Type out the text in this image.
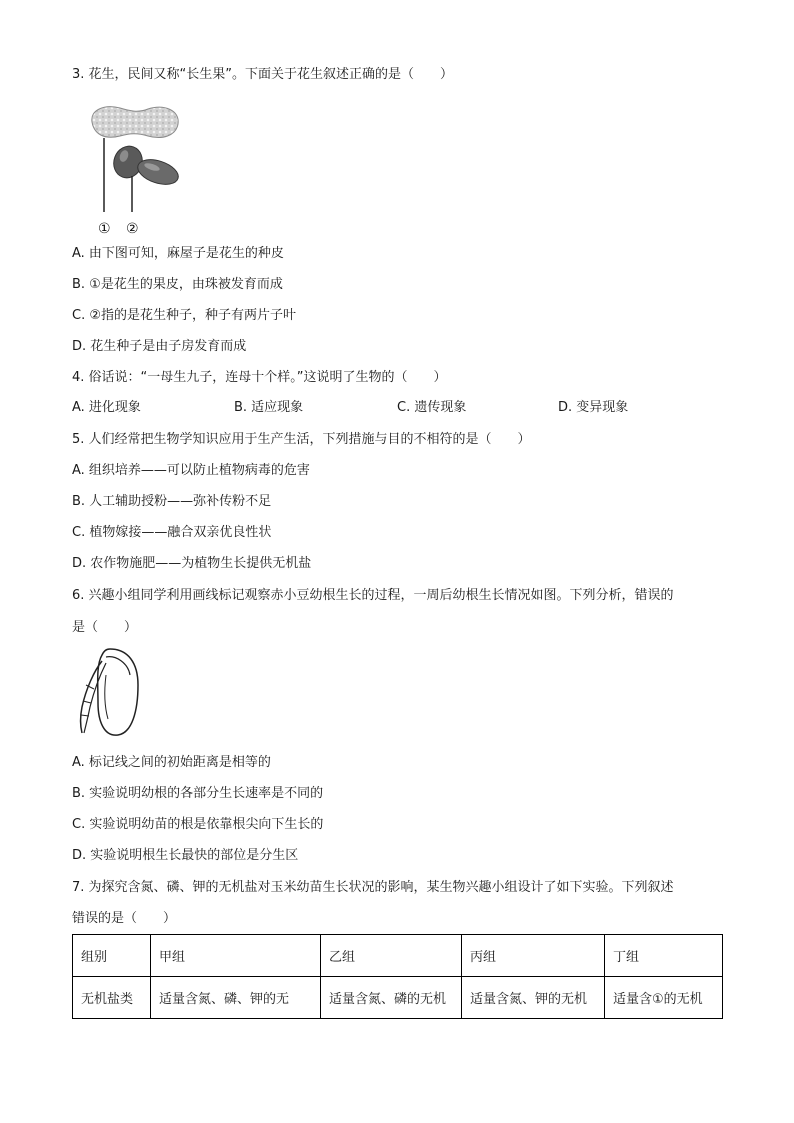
3. 花生，民间又称“长生果”。下面关于花生叙述正确的是（　　）
① ②
A. 由下图可知，麻屋子是花生的种皮
B. ①是花生的果皮，由珠被发育而成
C. ②指的是花生种子，种子有两片子叶
D. 花生种子是由子房发育而成
4. 俗话说：“一母生九子，连母十个样。”这说明了生物的（　　）
A. 进化现象	B. 适应现象	C. 遗传现象	D. 变异现象
5. 人们经常把生物学知识应用于生产生活，下列措施与目的不相符的是（　　）
A. 组织培养——可以防止植物病毒的危害
B. 人工辅助授粉——弥补传粉不足
C. 植物嫁接——融合双亲优良性状
D. 农作物施肥——为植物生长提供无机盐
6. 兴趣小组同学利用画线标记观察赤小豆幼根生长的过程，一周后幼根生长情况如图。下列分析，错误的
是（　　）
A. 标记线之间的初始距离是相等的
B. 实验说明幼根的各部分生长速率是不同的
C. 实验说明幼苗的根是依靠根尖向下生长的
D. 实验说明根生长最快的部位是分生区
7. 为探究含氮、磷、钾的无机盐对玉米幼苗生长状况的影响，某生物兴趣小组设计了如下实验。下列叙述
错误的是（　　）
组别	甲组	乙组	丙组	丁组
无机盐类	适量含氮、磷、钾的无	适量含氮、磷的无机	适量含氮、钾的无机	适量含①的无机
